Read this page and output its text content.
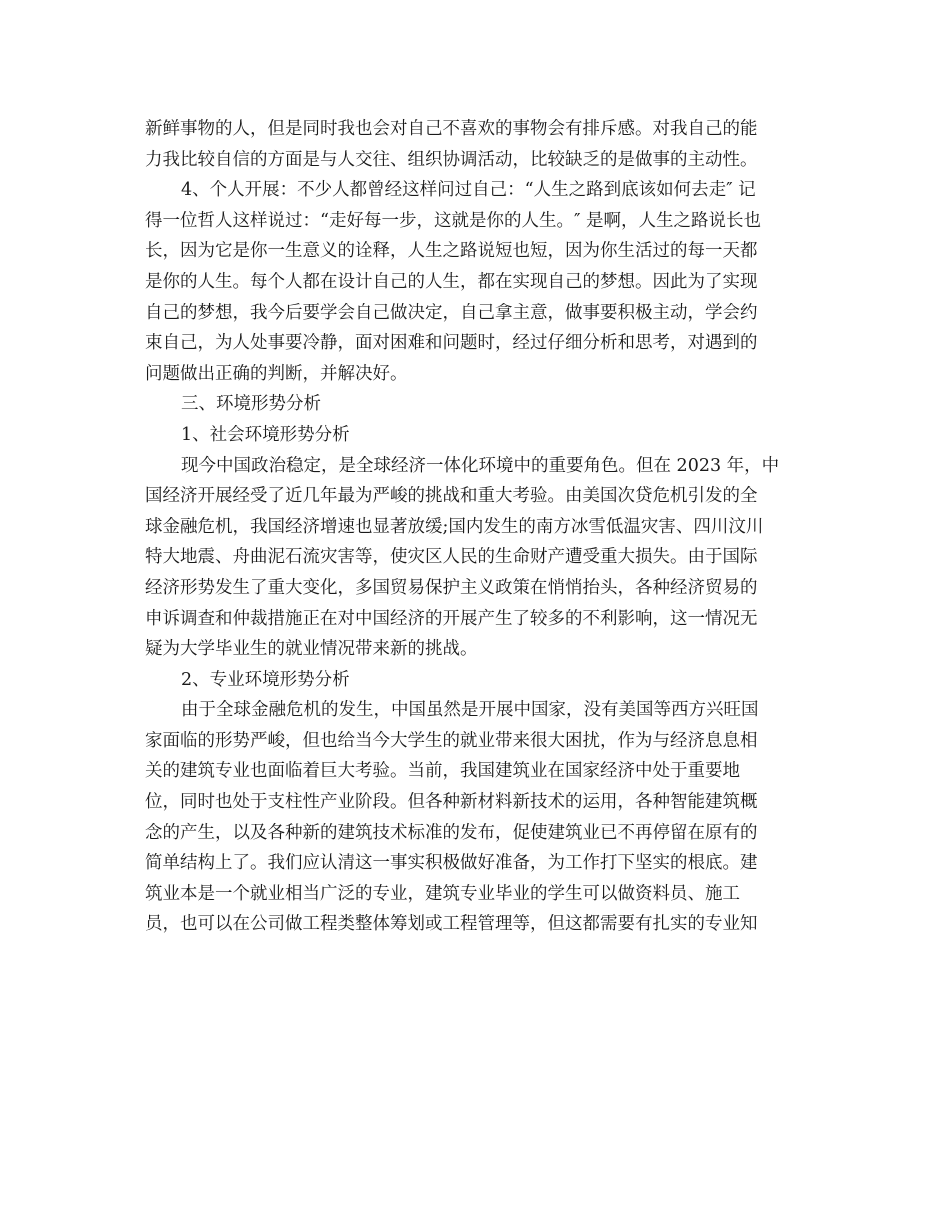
新鲜事物的人，但是同时我也会对自己不喜欢的事物会有排斥感。对我自己的能
力我比较自信的方面是与人交往、组织协调活动，比较缺乏的是做事的主动性。
4、个人开展：不少人都曾经这样问过自己：“人生之路到底该如何去走″ 记
得一位哲人这样说过：“走好每一步，这就是你的人生。″ 是啊，人生之路说长也
长，因为它是你一生意义的诠释，人生之路说短也短，因为你生活过的每一天都
是你的人生。每个人都在设计自己的人生，都在实现自己的梦想。因此为了实现
自己的梦想，我今后要学会自己做决定，自己拿主意，做事要积极主动，学会约
束自己，为人处事要冷静，面对困难和问题时，经过仔细分析和思考，对遇到的
问题做出正确的判断，并解决好。
三、环境形势分析
1、社会环境形势分析
现今中国政治稳定，是全球经济一体化环境中的重要角色。但在 2023 年，中
国经济开展经受了近几年最为严峻的挑战和重大考验。由美国次贷危机引发的全
球金融危机，我国经济增速也显著放缓;国内发生的南方冰雪低温灾害、四川汶川
特大地震、舟曲泥石流灾害等，使灾区人民的生命财产遭受重大损失。由于国际
经济形势发生了重大变化，多国贸易保护主义政策在悄悄抬头，各种经济贸易的
申诉调查和仲裁措施正在对中国经济的开展产生了较多的不利影响，这一情况无
疑为大学毕业生的就业情况带来新的挑战。
2、专业环境形势分析
由于全球金融危机的发生，中国虽然是开展中国家，没有美国等西方兴旺国
家面临的形势严峻，但也给当今大学生的就业带来很大困扰，作为与经济息息相
关的建筑专业也面临着巨大考验。当前，我国建筑业在国家经济中处于重要地
位，同时也处于支柱性产业阶段。但各种新材料新技术的运用，各种智能建筑概
念的产生，以及各种新的建筑技术标准的发布，促使建筑业已不再停留在原有的
简单结构上了。我们应认清这一事实积极做好准备，为工作打下坚实的根底。建
筑业本是一个就业相当广泛的专业，建筑专业毕业的学生可以做资料员、施工
员，也可以在公司做工程类整体筹划或工程管理等，但这都需要有扎实的专业知
